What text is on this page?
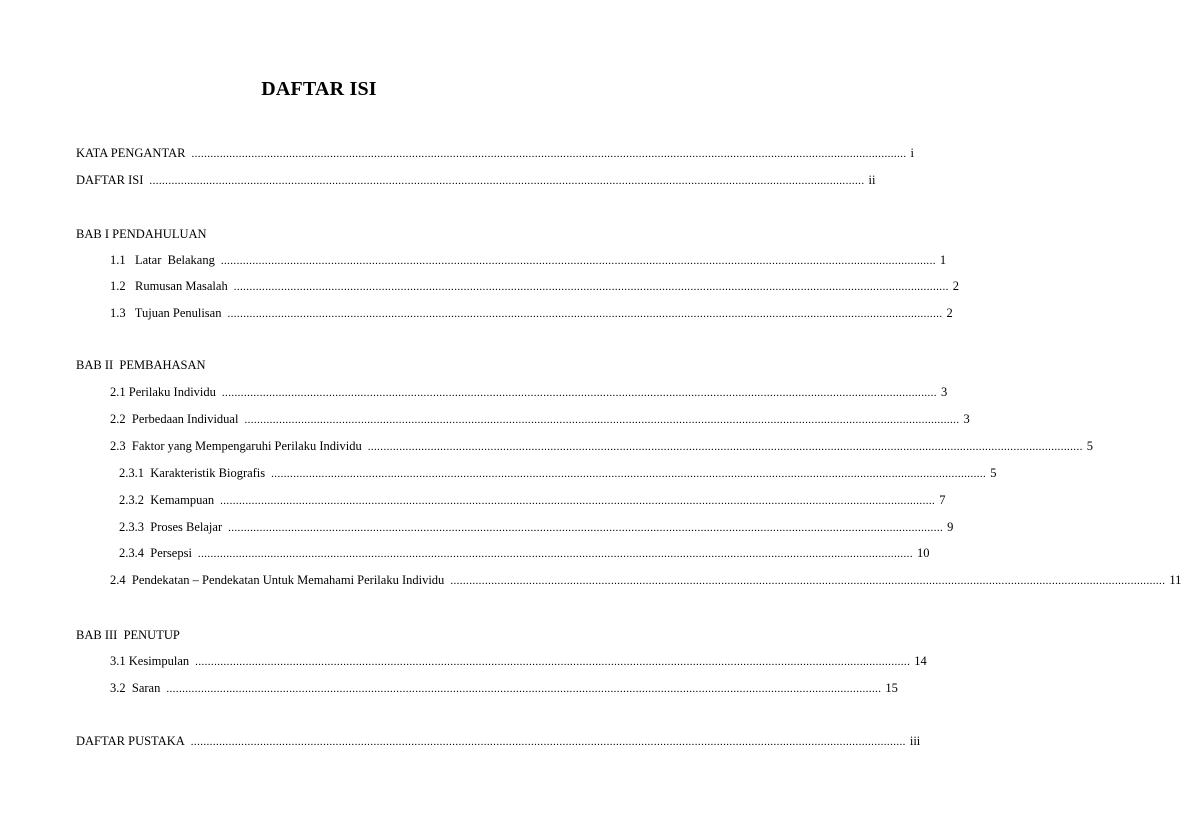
DAFTAR ISI
KATA PENGANTAR ................................................................................................................................................................................................................................... i
DAFTAR ISI ................................................................................................................................................................................................................................... ii
BAB I PENDAHULUAN
1.1   Latar  Belakang ................................................................................................................................................................................................................................... 1
1.2   Rumusan Masalah ................................................................................................................................................................................................................................... 2
1.3   Tujuan Penulisan ................................................................................................................................................................................................................................... 2
BAB II  PEMBAHASAN
2.1 Perilaku Individu ................................................................................................................................................................................................................................... 3
2.2  Perbedaan Individual ................................................................................................................................................................................................................................... 3
2.3  Faktor yang Mempengaruhi Perilaku Individu ................................................................................................................................................................................................................................... 5
2.3.1  Karakteristik Biografis ................................................................................................................................................................................................................................... 5
2.3.2  Kemampuan ................................................................................................................................................................................................................................... 7
2.3.3  Proses Belajar ................................................................................................................................................................................................................................... 9
2.3.4  Persepsi ................................................................................................................................................................................................................................... 10
2.4  Pendekatan – Pendekatan Untuk Memahami Perilaku Individu ................................................................................................................................................................................................................................... 11
BAB III  PENUTUP
3.1 Kesimpulan ................................................................................................................................................................................................................................... 14
3.2  Saran ................................................................................................................................................................................................................................... 15
DAFTAR PUSTAKA ................................................................................................................................................................................................................................... iii
